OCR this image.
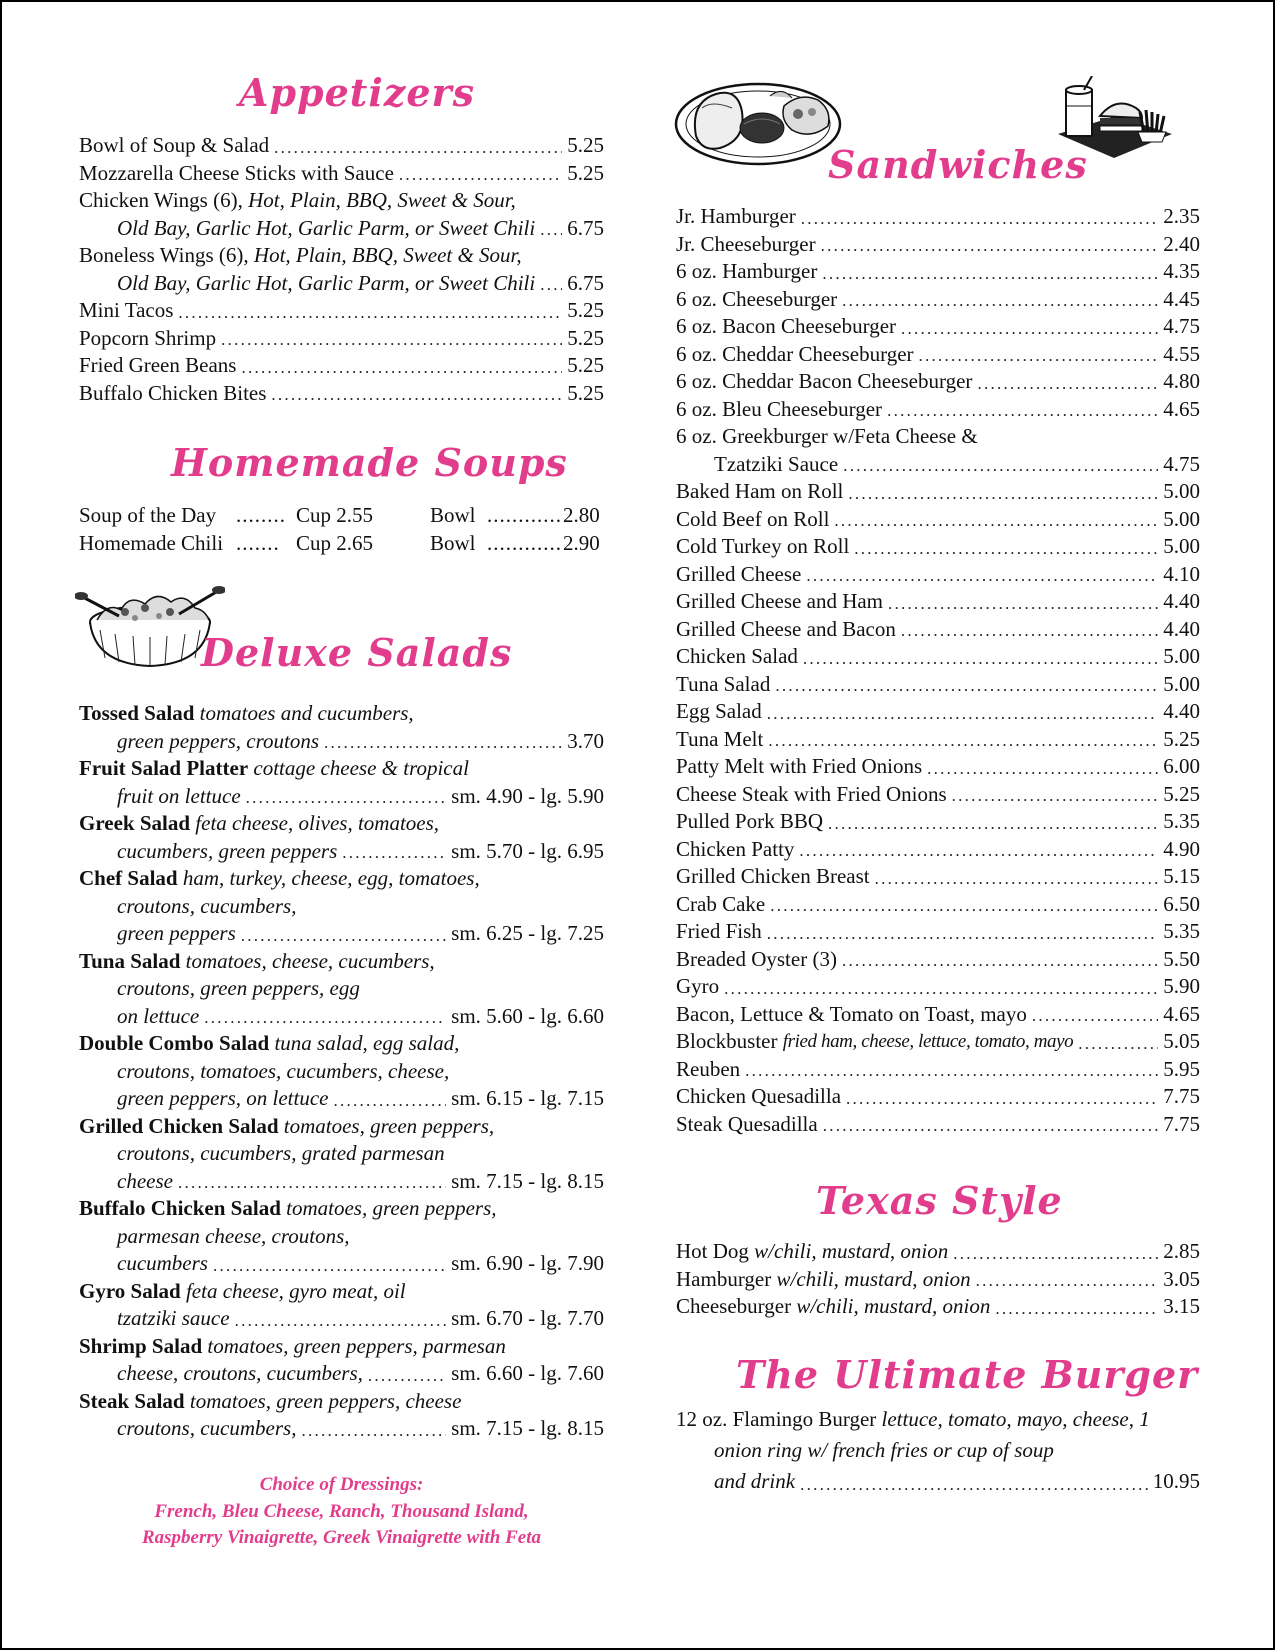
Appetizers
Bowl of Soup & Salad . . .	5.25
Mozzarella Cheese Sticks with Sauce . . .	5.25
Chicken Wings (6),
Hot, Plain, BBQ, Sweet & Sour,
Old Bay, Garlic Hot, Garlic Parm, or Sweet Chili . . . 6.75
Boneless Wings (6),
Hot, Plain, BBQ, Sweet & Sour,
Old Bay, Garlic Hot, Garlic Parm, or Sweet Chili . . . 6.75
Mini Tacos . . .	5.25
Popcorn Shrimp . . .	5.25
Fried Green Beans . . .	5.25
Buffalo Chicken Bites . . .	5.25
Homemade Soups
Soup of the Day ........ Cup 2.55	Bowl ............ 2.80
Homemade Chili ....... Cup 2.65	Bowl ............ 2.90
Deluxe Salads
Tossed Salad
tomatoes and cucumbers,
green peppers, croutons . . .	3.70
Fruit Salad Platter
cottage cheese & tropical
fruit on lettuce . . .	sm. 4.90 - lg. 5.90
Greek Salad
feta cheese, olives, tomatoes,
cucumbers, green peppers . . .	sm. 5.70 - lg. 6.95
Chef Salad
ham, turkey, cheese, egg, tomatoes,
croutons, cucumbers,
green peppers . . .	sm. 6.25 - lg. 7.25
Tuna Salad
tomatoes, cheese, cucumbers,
croutons, green peppers, egg
on lettuce . . .	sm. 5.60 - lg. 6.60
Double Combo Salad
tuna salad, egg salad,
croutons, tomatoes, cucumbers, cheese,
green peppers, on lettuce . . .	sm. 6.15 - lg. 7.15
Grilled Chicken Salad
tomatoes, green peppers,
croutons, cucumbers, grated parmesan
cheese . . .	sm. 7.15 - lg. 8.15
Buffalo Chicken Salad
tomatoes, green peppers,
parmesan cheese, croutons,
cucumbers . . .	sm. 6.90 - lg. 7.90
Gyro Salad
feta cheese, gyro meat, oil
tzatziki sauce . . .	sm. 6.70 - lg. 7.70
Shrimp Salad
tomatoes, green peppers, parmesan
cheese, croutons, cucumbers, . . .	sm. 6.60 - lg. 7.60
Steak Salad
tomatoes, green peppers, cheese
croutons, cucumbers, . . .	sm. 7.15 - lg. 8.15
Choice of Dressings:
French, Bleu Cheese, Ranch, Thousand Island,
Raspberry Vinaigrette, Greek Vinaigrette with Feta
Sandwiches
Jr. Hamburger . . .	2.35
Jr. Cheeseburger . . .	2.40
6 oz. Hamburger . . .	4.35
6 oz. Cheeseburger . . .	4.45
6 oz. Bacon Cheeseburger . . .	4.75
6 oz. Cheddar Cheeseburger . . .	4.55
6 oz. Cheddar Bacon Cheeseburger . . .	4.80
6 oz. Bleu Cheeseburger . . .	4.65
6 oz. Greekburger w/Feta Cheese &
Tzatziki Sauce . . .	4.75
Baked Ham on Roll . . .	5.00
Cold Beef on Roll . . .	5.00
Cold Turkey on Roll . . .	5.00
Grilled Cheese . . .	4.10
Grilled Cheese and Ham . . .	4.40
Grilled Cheese and Bacon . . .	4.40
Chicken Salad . . .	5.00
Tuna Salad . . .	5.00
Egg Salad . . .	4.40
Tuna Melt . . .	5.25
Patty Melt with Fried Onions . . .	6.00
Cheese Steak with Fried Onions . . .	5.25
Pulled Pork BBQ . . .	5.35
Chicken Patty . . .	4.90
Grilled Chicken Breast . . .	5.15
Crab Cake . . .	6.50
Fried Fish . . .	5.35
Breaded Oyster (3) . . .	5.50
Gyro . . .	5.90
Bacon, Lettuce & Tomato on Toast, mayo . . .	4.65
Blockbuster
fried ham, cheese, lettuce, tomato, mayo . . .	5.05
Reuben . . .	5.95
Chicken Quesadilla . . .	7.75
Steak Quesadilla . . .	7.75
Texas Style
Hot Dog
w/chili, mustard, onion . . .	2.85
Hamburger
w/chili, mustard, onion . . .	3.05
Cheeseburger
w/chili, mustard, onion . . .	3.15
The Ultimate Burger
12 oz. Flamingo Burger
lettuce, tomato, mayo, cheese, 1
onion ring w/ french fries or cup of soup
and drink . . .	10.95
